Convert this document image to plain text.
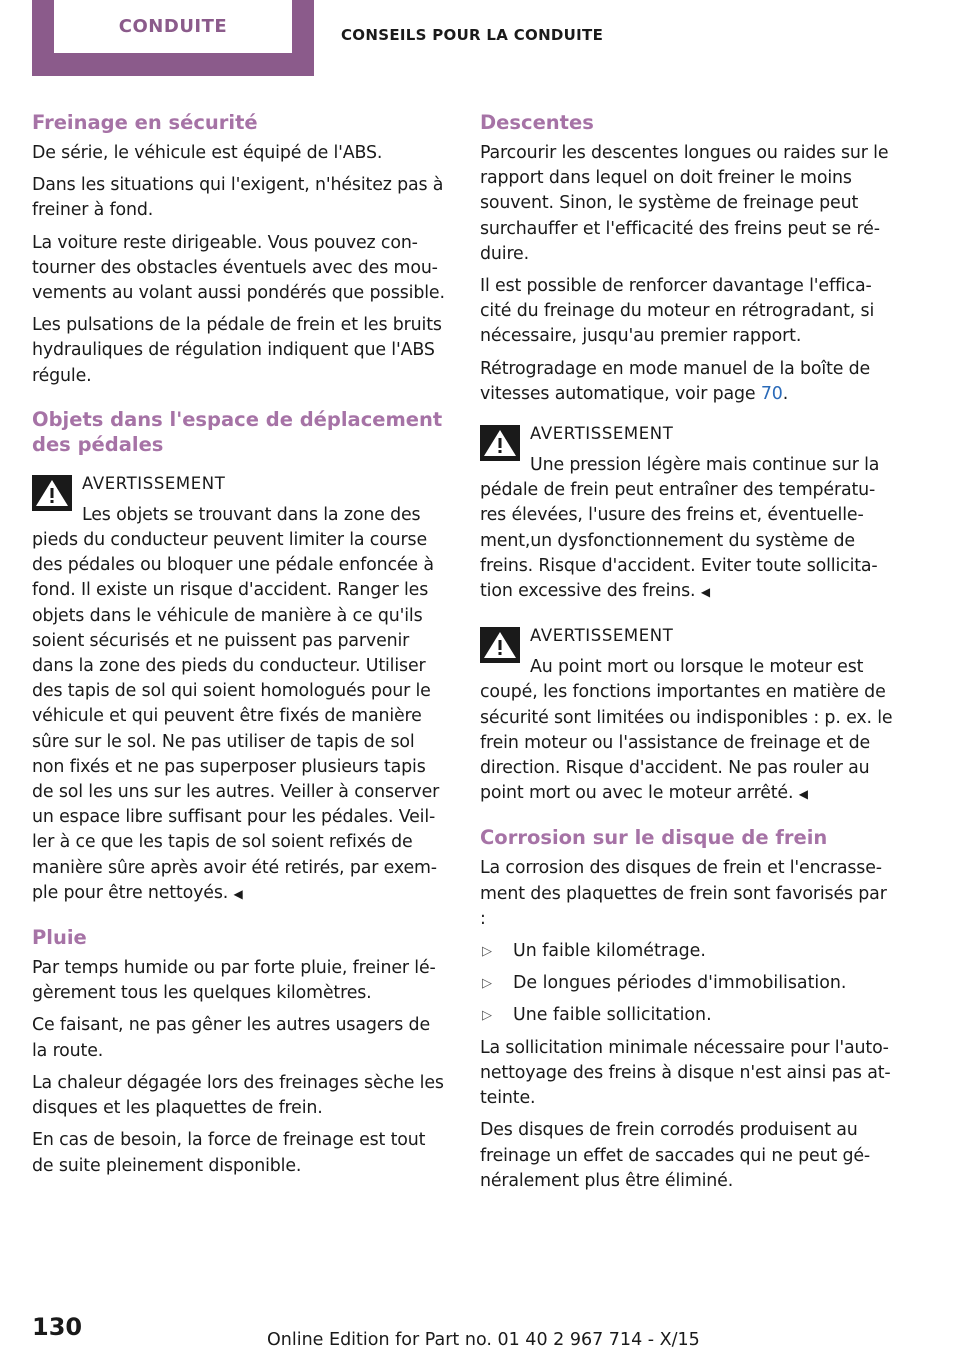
CONDUITE	CONSEILS POUR LA CONDUITE
Freinage en sécurité
De série, le véhicule est équipé de l'ABS.
Dans les situations qui l'exigent, n'hésitez pas à freiner à fond.
La voiture reste dirigeable. Vous pouvez con‐tourner des obstacles éventuels avec des mou‐vements au volant aussi pondérés que possible.
Les pulsations de la pédale de frein et les bruits hydrauliques de régulation indiquent que l'ABS régule.
Objets dans l'espace de déplacement des pédales
AVERTISSEMENT
Les objets se trouvant dans la zone des pieds du conducteur peuvent limiter la course des pédales ou bloquer une pédale enfoncée à fond. Il existe un risque d'accident. Ranger les objets dans le véhicule de manière à ce qu'ils soient sécurisés et ne puissent pas parvenir dans la zone des pieds du conducteur. Utiliser des tapis de sol qui soient homologués pour le véhicule et qui peuvent être fixés de manière sûre sur le sol. Ne pas utiliser de tapis de sol non fixés et ne pas superposer plusieurs tapis de sol les uns sur les autres. Veiller à conserver un espace libre suffisant pour les pédales. Veil‐ler à ce que les tapis de sol soient refixés de manière sûre après avoir été retirés, par exem‐ple pour être nettoyés. ◀
Pluie
Par temps humide ou par forte pluie, freiner lé‐gèrement tous les quelques kilomètres.
Ce faisant, ne pas gêner les autres usagers de la route.
La chaleur dégagée lors des freinages sèche les disques et les plaquettes de frein.
En cas de besoin, la force de freinage est tout de suite pleinement disponible.
Descentes
Parcourir les descentes longues ou raides sur le rapport dans lequel on doit freiner le moins souvent. Sinon, le système de freinage peut surchauffer et l'efficacité des freins peut se ré‐duire.
Il est possible de renforcer davantage l'effica‐cité du freinage du moteur en rétrogradant, si nécessaire, jusqu'au premier rapport.
Rétrogradage en mode manuel de la boîte de vitesses automatique, voir page 70.
AVERTISSEMENT
Une pression légère mais continue sur la pédale de frein peut entraîner des températu‐res élevées, l'usure des freins et, éventuelle‐ment,un dysfonctionnement du système de freins. Risque d'accident. Eviter toute sollicita‐tion excessive des freins. ◀
AVERTISSEMENT
Au point mort ou lorsque le moteur est coupé, les fonctions importantes en matière de sécurité sont limitées ou indisponibles : p. ex. le frein moteur ou l'assistance de freinage et de direction. Risque d'accident. Ne pas rouler au point mort ou avec le moteur arrêté. ◀
Corrosion sur le disque de frein
La corrosion des disques de frein et l'encrasse‐ment des plaquettes de frein sont favorisés par :
▷ Un faible kilométrage.
▷ De longues périodes d'immobilisation.
▷ Une faible sollicitation.
La sollicitation minimale nécessaire pour l'auto‐nettoyage des freins à disque n'est ainsi pas at‐teinte.
Des disques de frein corrodés produisent au freinage un effet de saccades qui ne peut gé‐néralement plus être éliminé.
130	Online Edition for Part no. 01 40 2 967 714 - X/15
